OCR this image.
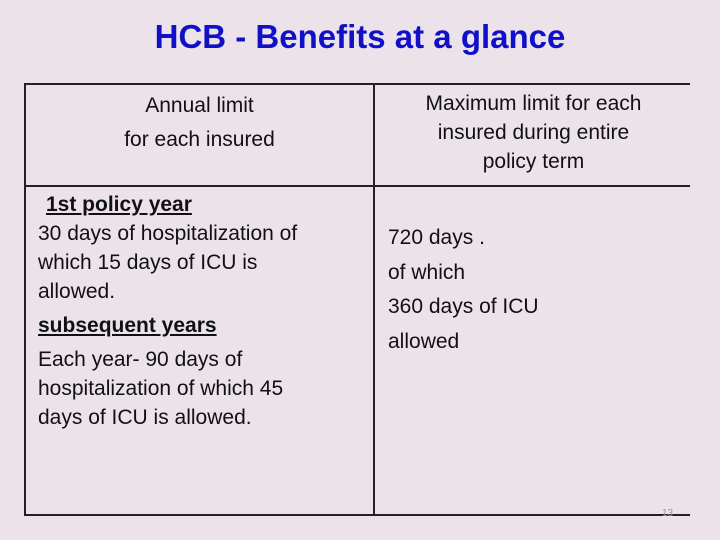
HCB - Benefits at a glance
Annual limit
for each insured
Maximum limit for each
insured during entire
policy term
1st policy year
30 days of hospitalization of
which 15 days of ICU is
allowed.
subsequent years
Each year- 90 days of
hospitalization of which 45
days of ICU is allowed.
720 days .
of which
360 days of ICU
allowed
13
